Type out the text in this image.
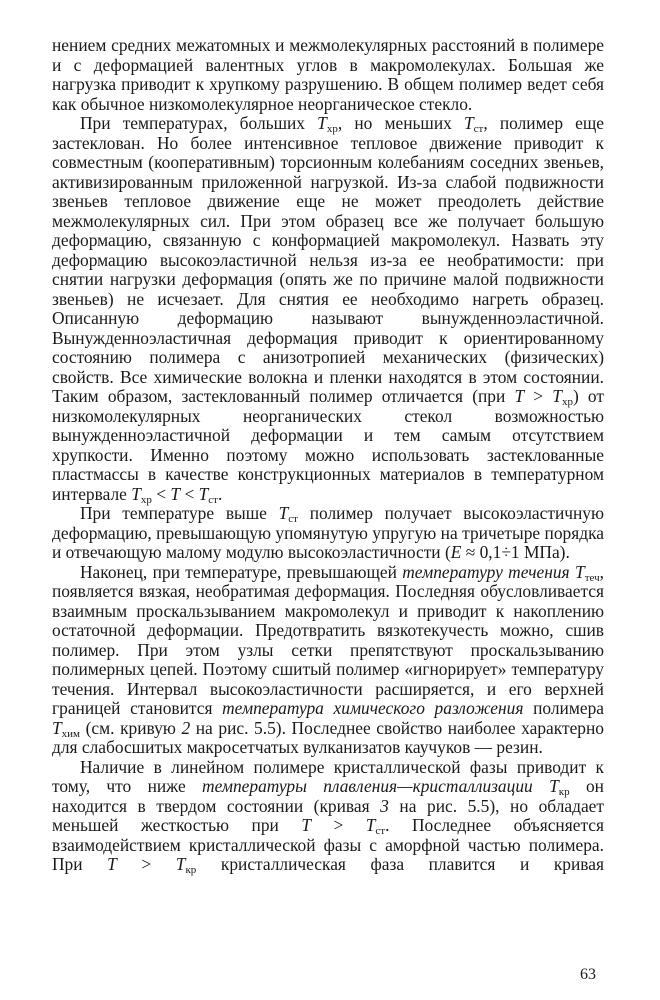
нением средних межатомных и межмолекулярных расстояний в полимере и с деформацией валентных углов в макромолекулах. Большая же нагрузка приводит к хрупкому разрушению. В общем полимер ведет себя как обычное низкомолекулярное неорганическое стекло.

При температурах, больших $T_{хр}$, но меньших $T_{ст}$, полимер еще застеклован. Но более интенсивное тепловое движение приводит к совместным (кооперативным) торсионным колебаниям соседних звеньев, активизированным приложенной нагрузкой. Из-за слабой подвижности звеньев тепловое движение еще не может преодолеть действие межмолекулярных сил. При этом образец все же получает большую деформацию, связанную с конформацией макромолекул. Назвать эту деформацию высокоэластичной нельзя из-за ее необратимости: при снятии нагрузки деформация (опять же по причине малой подвижности звеньев) не исчезает. Для снятия ее необходимо нагреть образец. Описанную деформацию называют вынужденноэластичной. Вынужденноэластичная деформация приводит к ориентированному состоянию полимера с анизотропией механических (физических) свойств. Все химические волокна и пленки находятся в этом состоянии. Таким образом, застеклованный полимер отличается (при $T > T_{хр}$) от низкомолекулярных неорганических стекол возможностью вынужденноэластичной деформации и тем самым отсутствием хрупкости. Именно поэтому можно использовать застеклованные пластмассы в качестве конструкционных материалов в температурном интервале $T_{хр} < T < T_{ст}$.

При температуре выше $T_{ст}$ полимер получает высокоэластичную деформацию, превышающую упомянутую упругую на тричетыре порядка и отвечающую малому модулю высокоэластичности (E ≈ 0,1÷1 МПа).

Наконец, при температуре, превышающей температуру течения $T_{теч}$, появляется вязкая, необратимая деформация. Последняя обусловливается взаимным проскальзыванием макромолекул и приводит к накоплению остаточной деформации. Предотвратить вязкотекучесть можно, сшив полимер. При этом узлы сетки препятствуют проскальзыванию полимерных цепей. Поэтому сшитый полимер «игнорирует» температуру течения. Интервал высокоэластичности расширяется, и его верхней границей становится температура химического разложения полимера $T_{хим}$ (см. кривую 2 на рис. 5.5). Последнее свойство наиболее характерно для слабосшитых макросетчатых вулканизатов каучуков — резин.

Наличие в линейном полимере кристаллической фазы приводит к тому, что ниже температуры плавления—кристаллизации $T_{кр}$ он находится в твердом состоянии (кривая 3 на рис. 5.5), но обладает меньшей жесткостью при $T > T_{ст}$. Последнее объясняется взаимодействием кристаллической фазы с аморфной частью полимера. При $T > T_{кр}$ кристаллическая фаза плавится и кривая

63
